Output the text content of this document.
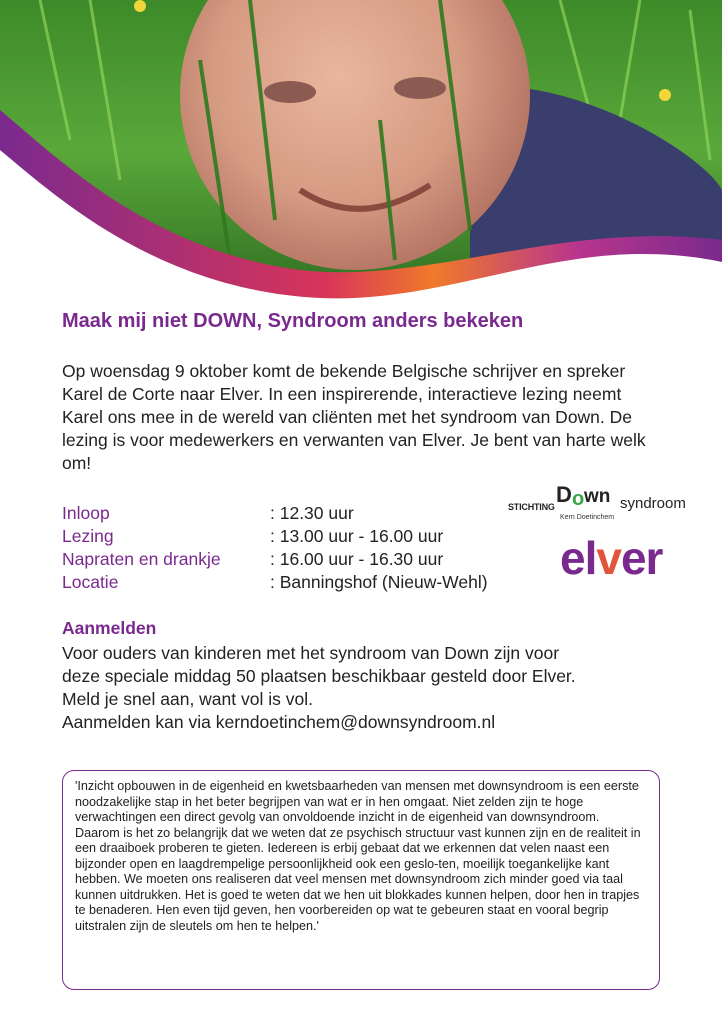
Maak mij niet DOWN, Syndroom anders bekeken

Op woensdag 9 oktober komt de bekende Belgische schrijver en spreker Karel de Corte naar Elver. In een inspirerende, interactieve lezing neemt Karel ons mee in de wereld van cliënten met het syndroom van Down. De lezing is voor medewerkers en verwanten van Elver. Je bent van harte welk om!

Inloop	: 12.30 uur
Lezing	: 13.00 uur - 16.00 uur
Napraten en drankje	: 16.00 uur - 16.30 uur
Locatie	: Banningshof (Nieuw-Wehl)
STICHTING D o wn syndroom
Kern Doetinchem
elver
Aanmelden
Voor ouders van kinderen met het syndroom van Down zijn voor
deze speciale middag 50 plaatsen beschikbaar gesteld door Elver.
Meld je snel aan, want vol is vol.
Aanmelden kan via kerndoetinchem@downsyndroom.nl

'Inzicht opbouwen in de eigenheid en kwetsbaarheden van mensen met downsyndroom is een eerste noodzakelijke stap in het beter begrijpen van wat er in hen omgaat. Niet zelden zijn te hoge verwachtingen een direct gevolg van onvoldoende inzicht in de eigenheid van downsyndroom.

Daarom is het zo belangrijk dat we weten dat ze psychisch structuur vast kunnen zijn en de realiteit in een draaiboek proberen te gieten. Iedereen is erbij gebaat dat we erkennen dat velen naast een bijzonder open en laagdrempelige persoonlijkheid ook een geslo-ten, moeilijk toegankelijke kant hebben. We moeten ons realiseren dat veel mensen met downsyndroom zich minder goed via taal kunnen uitdrukken. Het is goed te weten dat we hen uit blokkades kunnen helpen, door hen in trapjes te benaderen. Hen even tijd geven, hen voorbereiden op wat te gebeuren staat en vooral begrip uitstralen zijn de sleutels om hen te helpen.'
